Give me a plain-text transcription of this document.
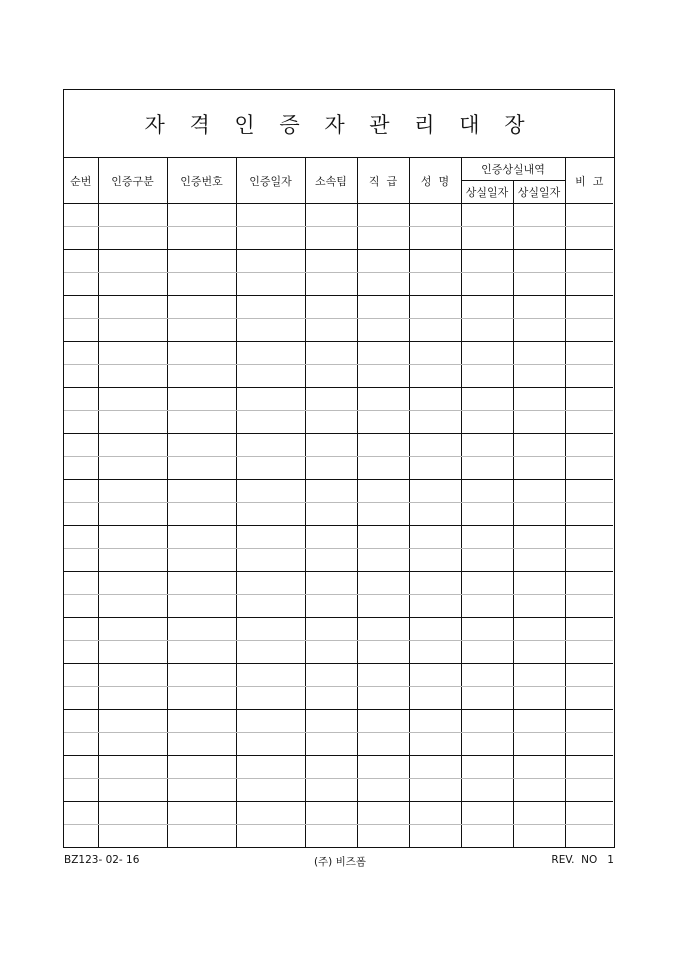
자 격 인 증 자 관 리 대 장
순번	인증구분	인증번호	인증일자	소속팀	직  급	성  명	인증상실내역		비  고
							상실일자	상실일자	

BZ123- 02- 16	(주) 비즈폼	REV.  NO   1
